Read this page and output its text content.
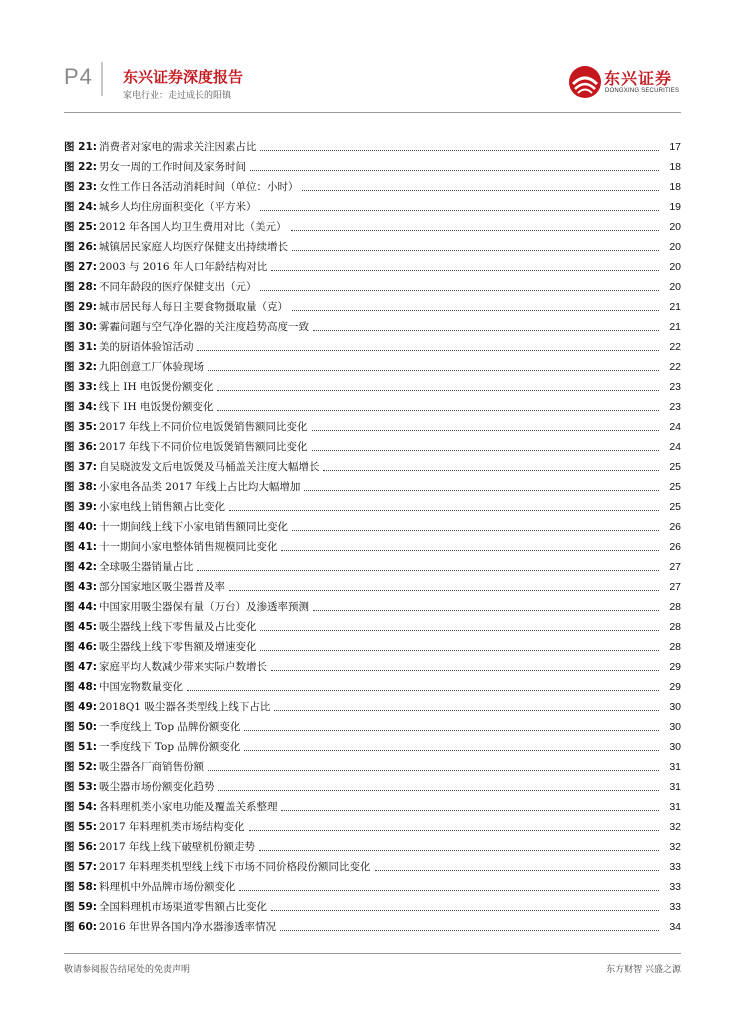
P4 东兴证券深度报告
家电行业：走过成长的阳镇
东兴证券
DONGXING SECURITIES
图 21: 消费者对家电的需求关注因素占比	17
图 22: 男女一周的工作时间及家务时间	18
图 23: 女性工作日各活动消耗时间（单位：小时）	18
图 24: 城乡人均住房面积变化（平方米）	19
图 25: 2012 年各国人均卫生费用对比（美元）	20
图 26: 城镇居民家庭人均医疗保健支出持续增长	20
图 27: 2003 与 2016 年人口年龄结构对比	20
图 28: 不同年龄段的医疗保健支出（元）	20
图 29: 城市居民每人每日主要食物摄取量（克）	21
图 30: 雾霾问题与空气净化器的关注度趋势高度一致	21
图 31: 美的厨语体验馆活动	22
图 32: 九阳创意工厂体验现场	22
图 33: 线上 IH 电饭煲份额变化	23
图 34: 线下 IH 电饭煲份额变化	23
图 35: 2017 年线上不同价位电饭煲销售额同比变化	24
图 36: 2017 年线下不同价位电饭煲销售额同比变化	24
图 37: 自吴晓波发文后电饭煲及马桶盖关注度大幅增长	25
图 38: 小家电各品类 2017 年线上占比均大幅增加	25
图 39: 小家电线上销售额占比变化	25
图 40: 十一期间线上线下小家电销售额同比变化	26
图 41: 十一期间小家电整体销售规模同比变化	26
图 42: 全球吸尘器销量占比	27
图 43: 部分国家地区吸尘器普及率	27
图 44: 中国家用吸尘器保有量（万台）及渗透率预测	28
图 45: 吸尘器线上线下零售量及占比变化	28
图 46: 吸尘器线上线下零售额及增速变化	28
图 47: 家庭平均人数减少带来实际户数增长	29
图 48: 中国宠物数量变化	29
图 49: 2018Q1 吸尘器各类型线上线下占比	30
图 50: 一季度线上 Top 品牌份额变化	30
图 51: 一季度线下 Top 品牌份额变化	30
图 52: 吸尘器各厂商销售份额	31
图 53: 吸尘器市场份额变化趋势	31
图 54: 各料理机类小家电功能及覆盖关系整理	31
图 55: 2017 年料理机类市场结构变化	32
图 56: 2017 年线上线下破壁机份额走势	32
图 57: 2017 年料理类机型线上线下市场不同价格段份额同比变化	33
图 58: 料理机中外品牌市场份额变化	33
图 59: 全国料理机市场渠道零售额占比变化	33
图 60: 2016 年世界各国内净水器渗透率情况	34
敬请参阅报告结尾处的免责声明	东方财智 兴盛之源
